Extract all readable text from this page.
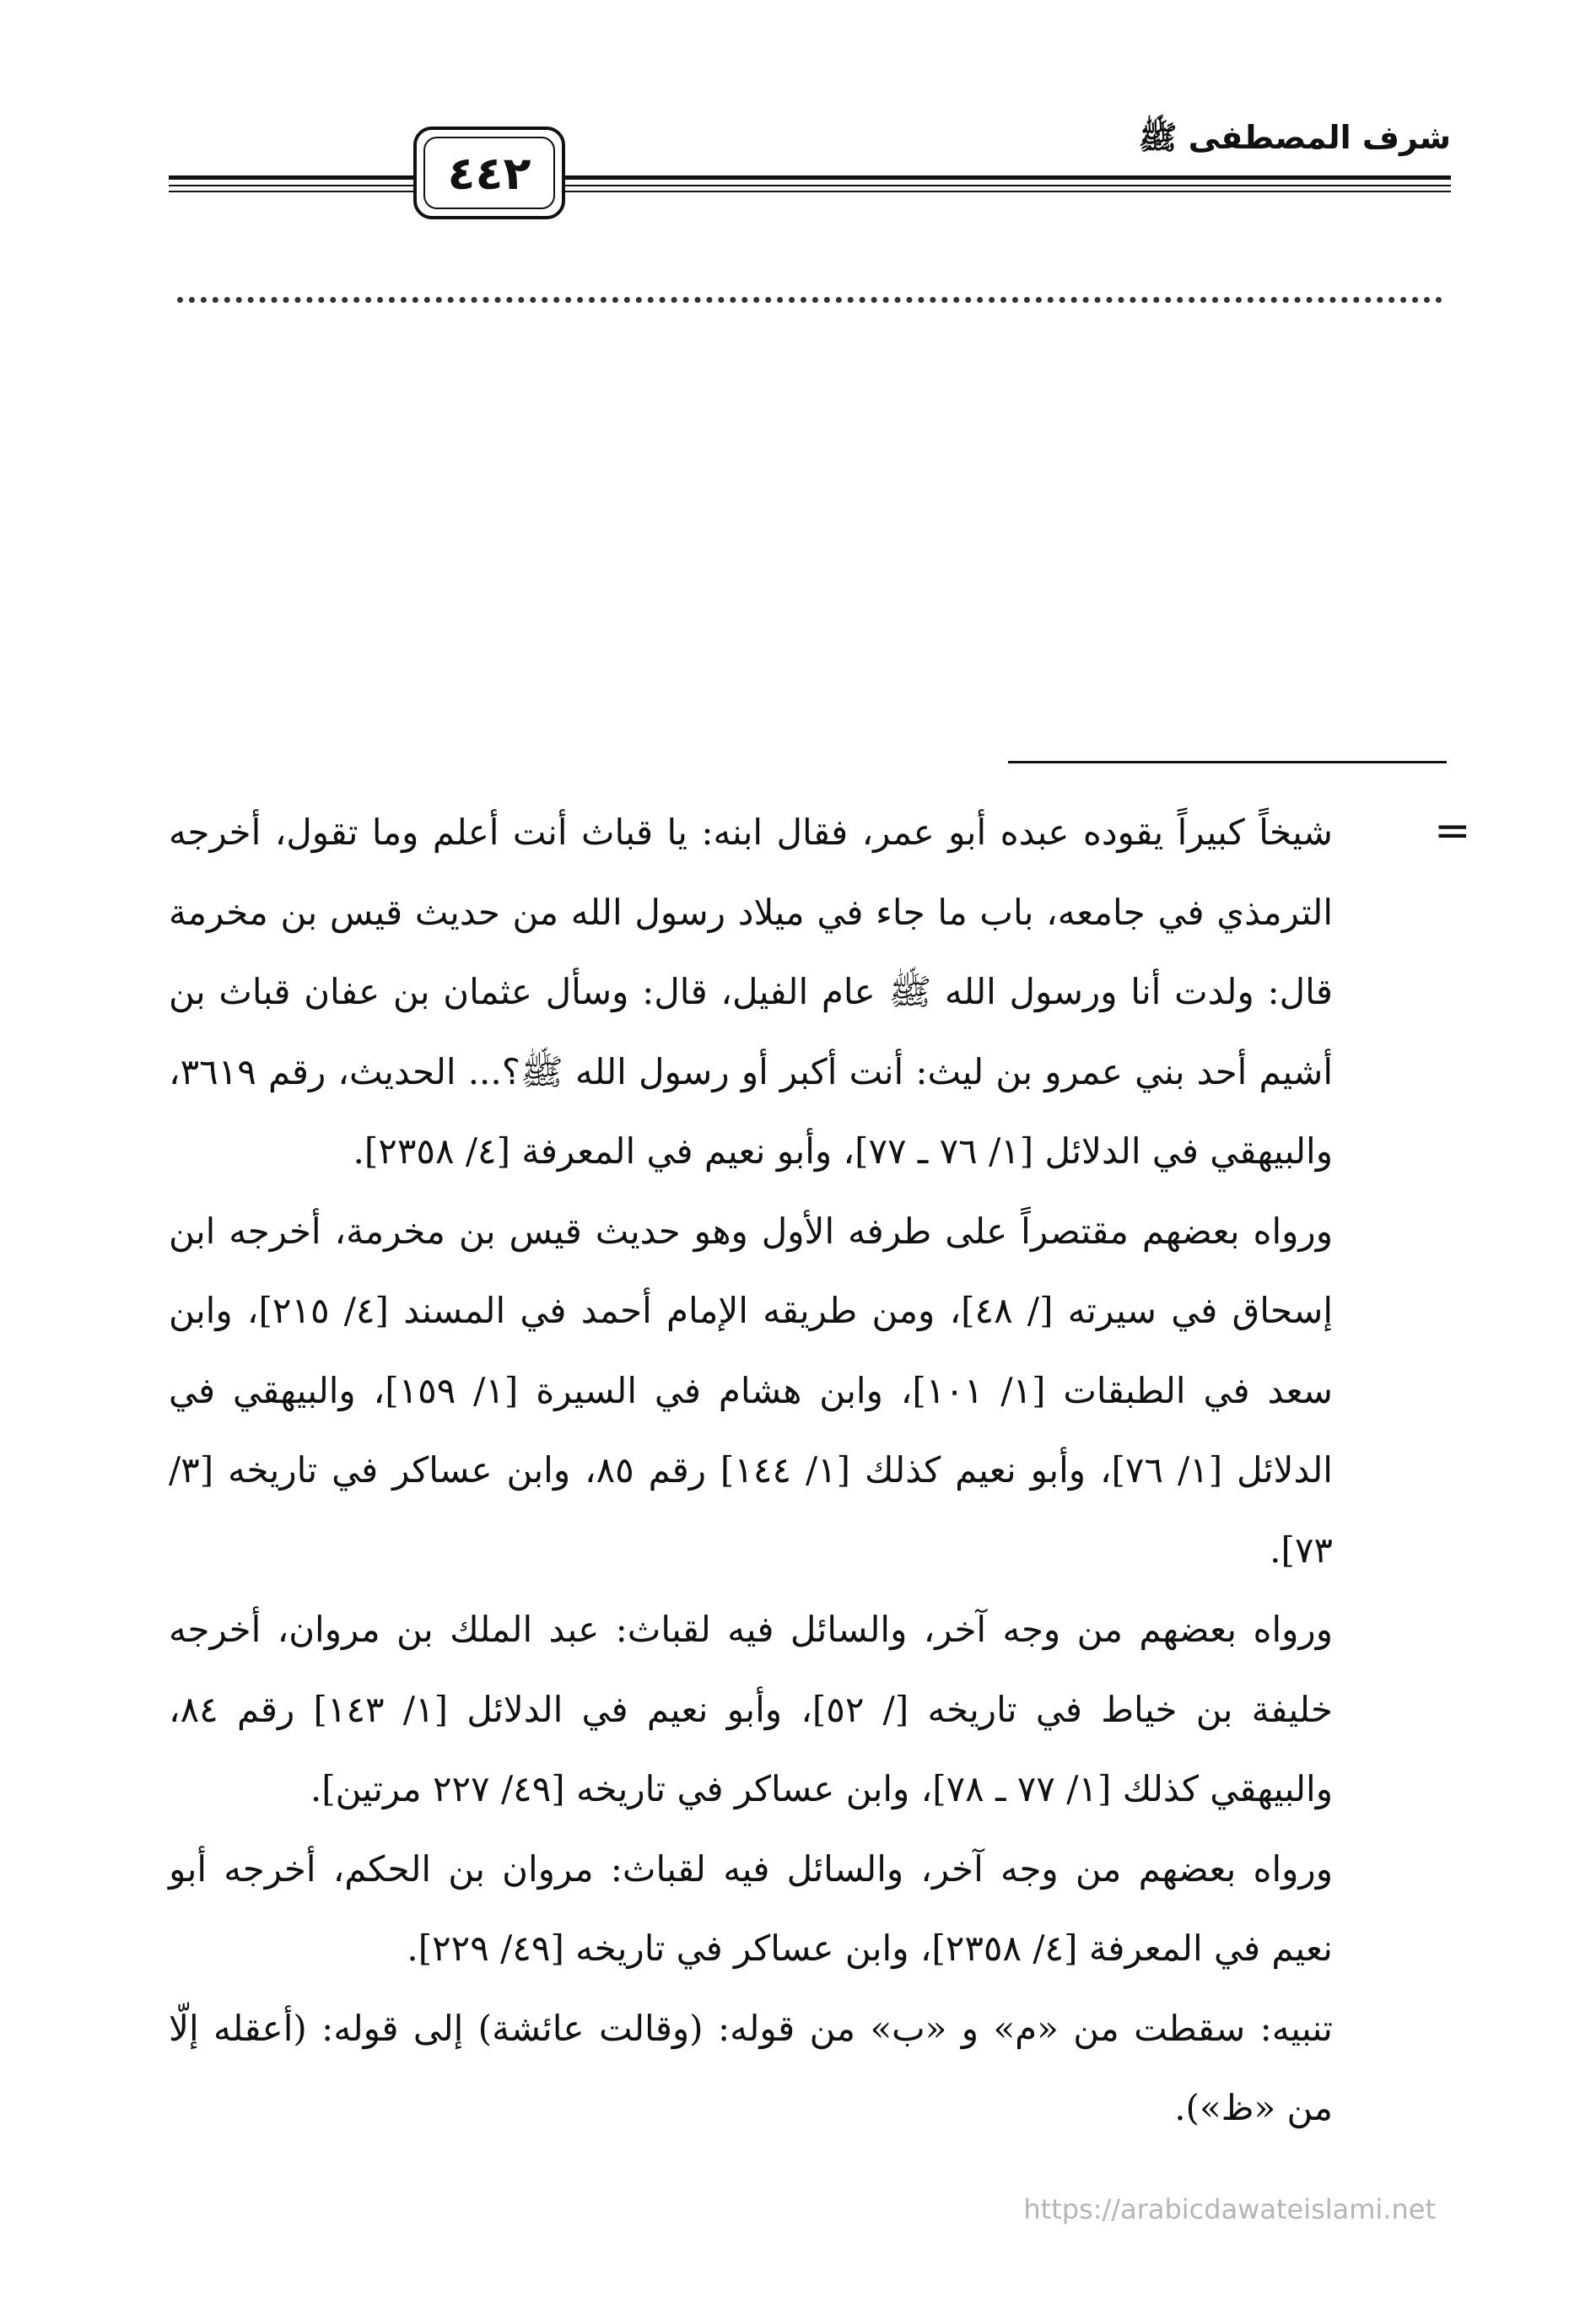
شرف المصطفى ﷺ
٤٤٢
=

شيخاً كبيراً يقوده عبده أبو عمر، فقال ابنه: يا قباث أنت أعلم وما تقول، أخرجه الترمذي في جامعه، باب ما جاء في ميلاد رسول الله من حديث قيس بن مخرمة قال: ولدت أنا ورسول الله ﷺ عام الفيل، قال: وسأل عثمان بن عفان قباث بن أشيم أحد بني عمرو بن ليث: أنت أكبر أو رسول الله ﷺ؟... الحديث، رقم ٣٦١٩، والبيهقي في الدلائل [١/ ٧٦ ـ ٧٧]، وأبو نعيم في المعرفة [٤/ ٢٣٥٨].

ورواه بعضهم مقتصراً على طرفه الأول وهو حديث قيس بن مخرمة، أخرجه ابن إسحاق في سيرته [/ ٤٨]، ومن طريقه الإمام أحمد في المسند [٤/ ٢١٥]، وابن سعد في الطبقات [١/ ١٠١]، وابن هشام في السيرة [١/ ١٥٩]، والبيهقي في الدلائل [١/ ٧٦]، وأبو نعيم كذلك [١/ ١٤٤] رقم ٨٥، وابن عساكر في تاريخه [٣/ ٧٣].

ورواه بعضهم من وجه آخر، والسائل فيه لقباث: عبد الملك بن مروان، أخرجه خليفة بن خياط في تاريخه [/ ٥٢]، وأبو نعيم في الدلائل [١/ ١٤٣] رقم ٨٤، والبيهقي كذلك [١/ ٧٧ ـ ٧٨]، وابن عساكر في تاريخه [٤٩/ ٢٢٧ مرتين].

ورواه بعضهم من وجه آخر، والسائل فيه لقباث: مروان بن الحكم، أخرجه أبو نعيم في المعرفة [٤/ ٢٣٥٨]، وابن عساكر في تاريخه [٤٩/ ٢٢٩].

تنبيه: سقطت من «م» و «ب» من قوله: (وقالت عائشة) إلى قوله: (أعقله إلّا من «ظ»).

https://arabicdawateislami.net
